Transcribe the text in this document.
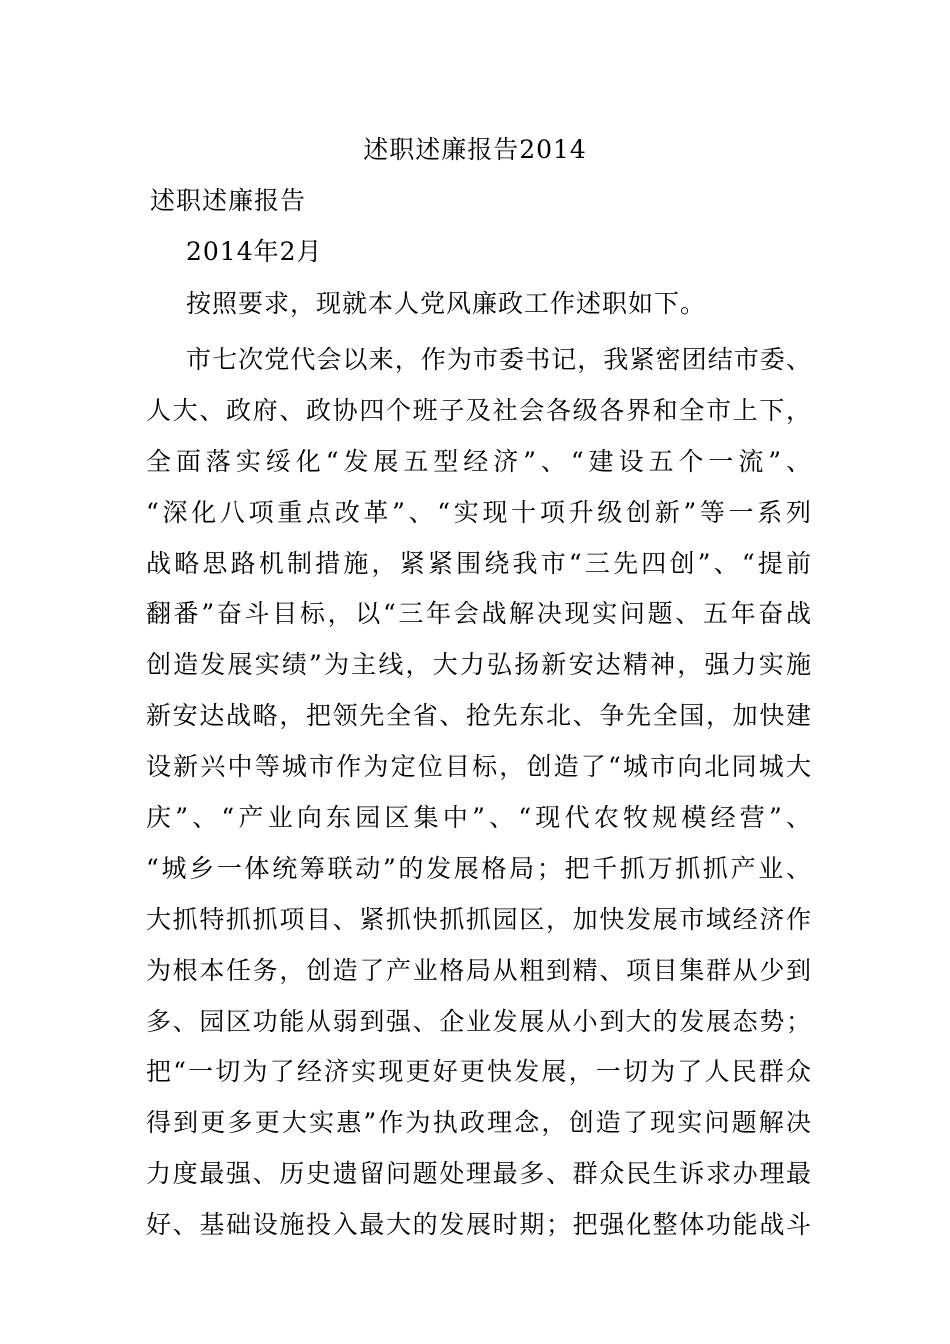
述职述廉报告2014
述职述廉报告
2014年2月
按照要求，现就本人党风廉政工作述职如下。
市七次党代会以来，作为市委书记，我紧密团结市委、
人大、政府、政协四个班子及社会各级各界和全市上下，
全面落实绥化“发展五型经济”、“建设五个一流”、
“深化八项重点改革”、“实现十项升级创新”等一系列
战略思路机制措施，紧紧围绕我市“三先四创”、“提前
翻番”奋斗目标，以“三年会战解决现实问题、五年奋战
创造发展实绩”为主线，大力弘扬新安达精神，强力实施
新安达战略，把领先全省、抢先东北、争先全国，加快建
设新兴中等城市作为定位目标，创造了“城市向北同城大
庆”、“产业向东园区集中”、“现代农牧规模经营”、
“城乡一体统筹联动”的发展格局；把千抓万抓抓产业、
大抓特抓抓项目、紧抓快抓抓园区，加快发展市域经济作
为根本任务，创造了产业格局从粗到精、项目集群从少到
多、园区功能从弱到强、企业发展从小到大的发展态势；
把“一切为了经济实现更好更快发展，一切为了人民群众
得到更多更大实惠”作为执政理念，创造了现实问题解决
力度最强、历史遗留问题处理最多、群众民生诉求办理最
好、基础设施投入最大的发展时期；把强化整体功能战斗
